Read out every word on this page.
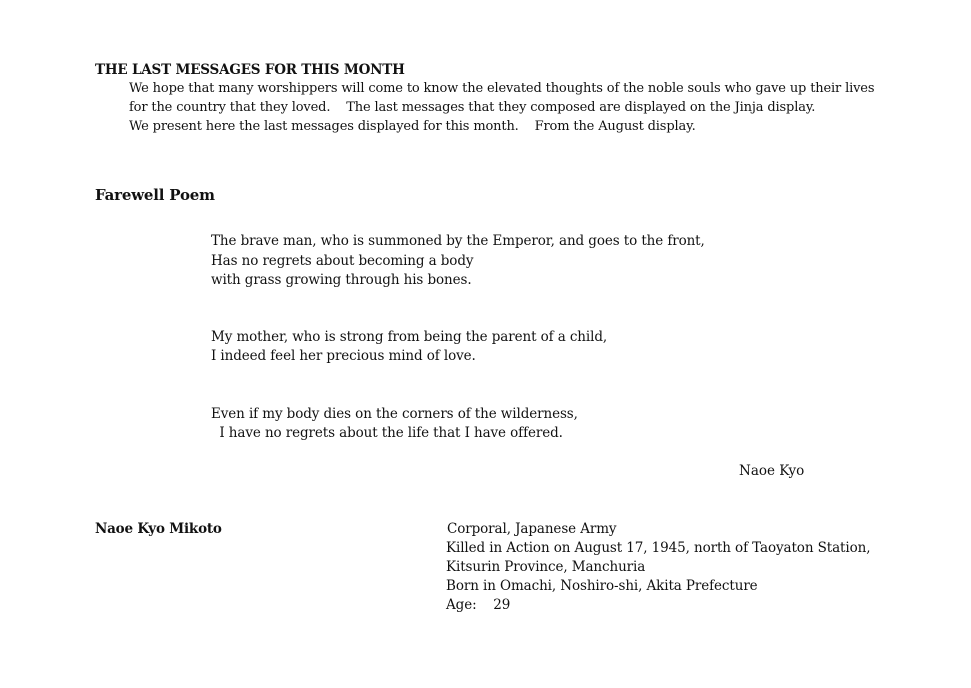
THE LAST MESSAGES FOR THIS MONTH
We hope that many worshippers will come to know the elevated thoughts of the noble souls who gave up their lives
for the country that they loved.    The last messages that they composed are displayed on the Jinja display.
We present here the last messages displayed for this month.    From the August display.
Farewell Poem
The brave man, who is summoned by the Emperor, and goes to the front,
Has no regrets about becoming a body
with grass growing through his bones.
My mother, who is strong from being the parent of a child,
I indeed feel her precious mind of love.
Even if my body dies on the corners of the wilderness,
I have no regrets about the life that I have offered.
Naoe Kyo
Naoe Kyo Mikoto	Corporal, Japanese Army
Killed in Action on August 17, 1945, north of Taoyaton Station,
Kitsurin Province, Manchuria
Born in Omachi, Noshiro-shi, Akita Prefecture
Age:    29
